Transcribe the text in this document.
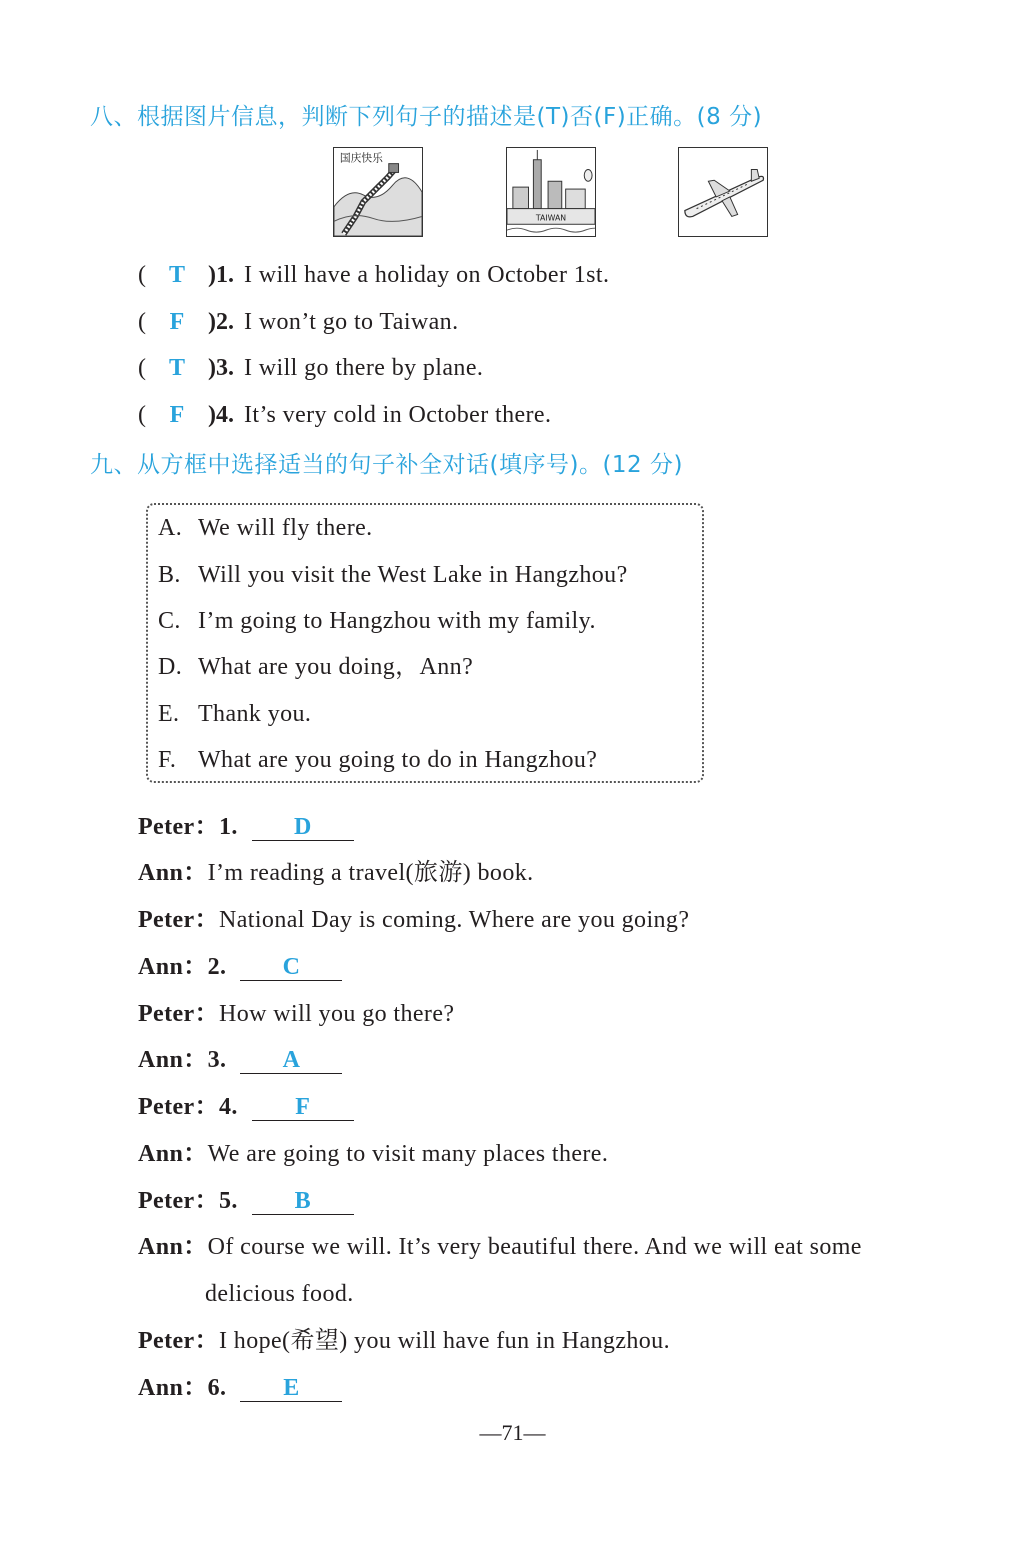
八、根据图片信息，判断下列句子的描述是(T)否(F)正确。(8 分)
国庆快乐
TAIWAN
( T )1. I will have a holiday on October 1st.
( F )2. I won’t go to Taiwan.
( T )3. I will go there by plane.
( F )4. It’s very cold in October there.
九、从方框中选择适当的句子补全对话(填序号)。(12 分)
A. We will fly there.
B. Will you visit the West Lake in Hangzhou?
C. I’m going to Hangzhou with my family.
D. What are you doing，Ann?
E. Thank you.
F. What are you going to do in Hangzhou?
Peter：1. D
Ann：I’m reading a travel(旅游) book.
Peter：National Day is coming. Where are you going?
Ann：2. C
Peter：How will you go there?
Ann：3. A
Peter：4. F
Ann：We are going to visit many places there.
Peter：5. B
Ann：Of course we will. It’s very beautiful there. And we will eat some
delicious food.
Peter：I hope(希望) you will have fun in Hangzhou.
Ann：6. E
—71—
